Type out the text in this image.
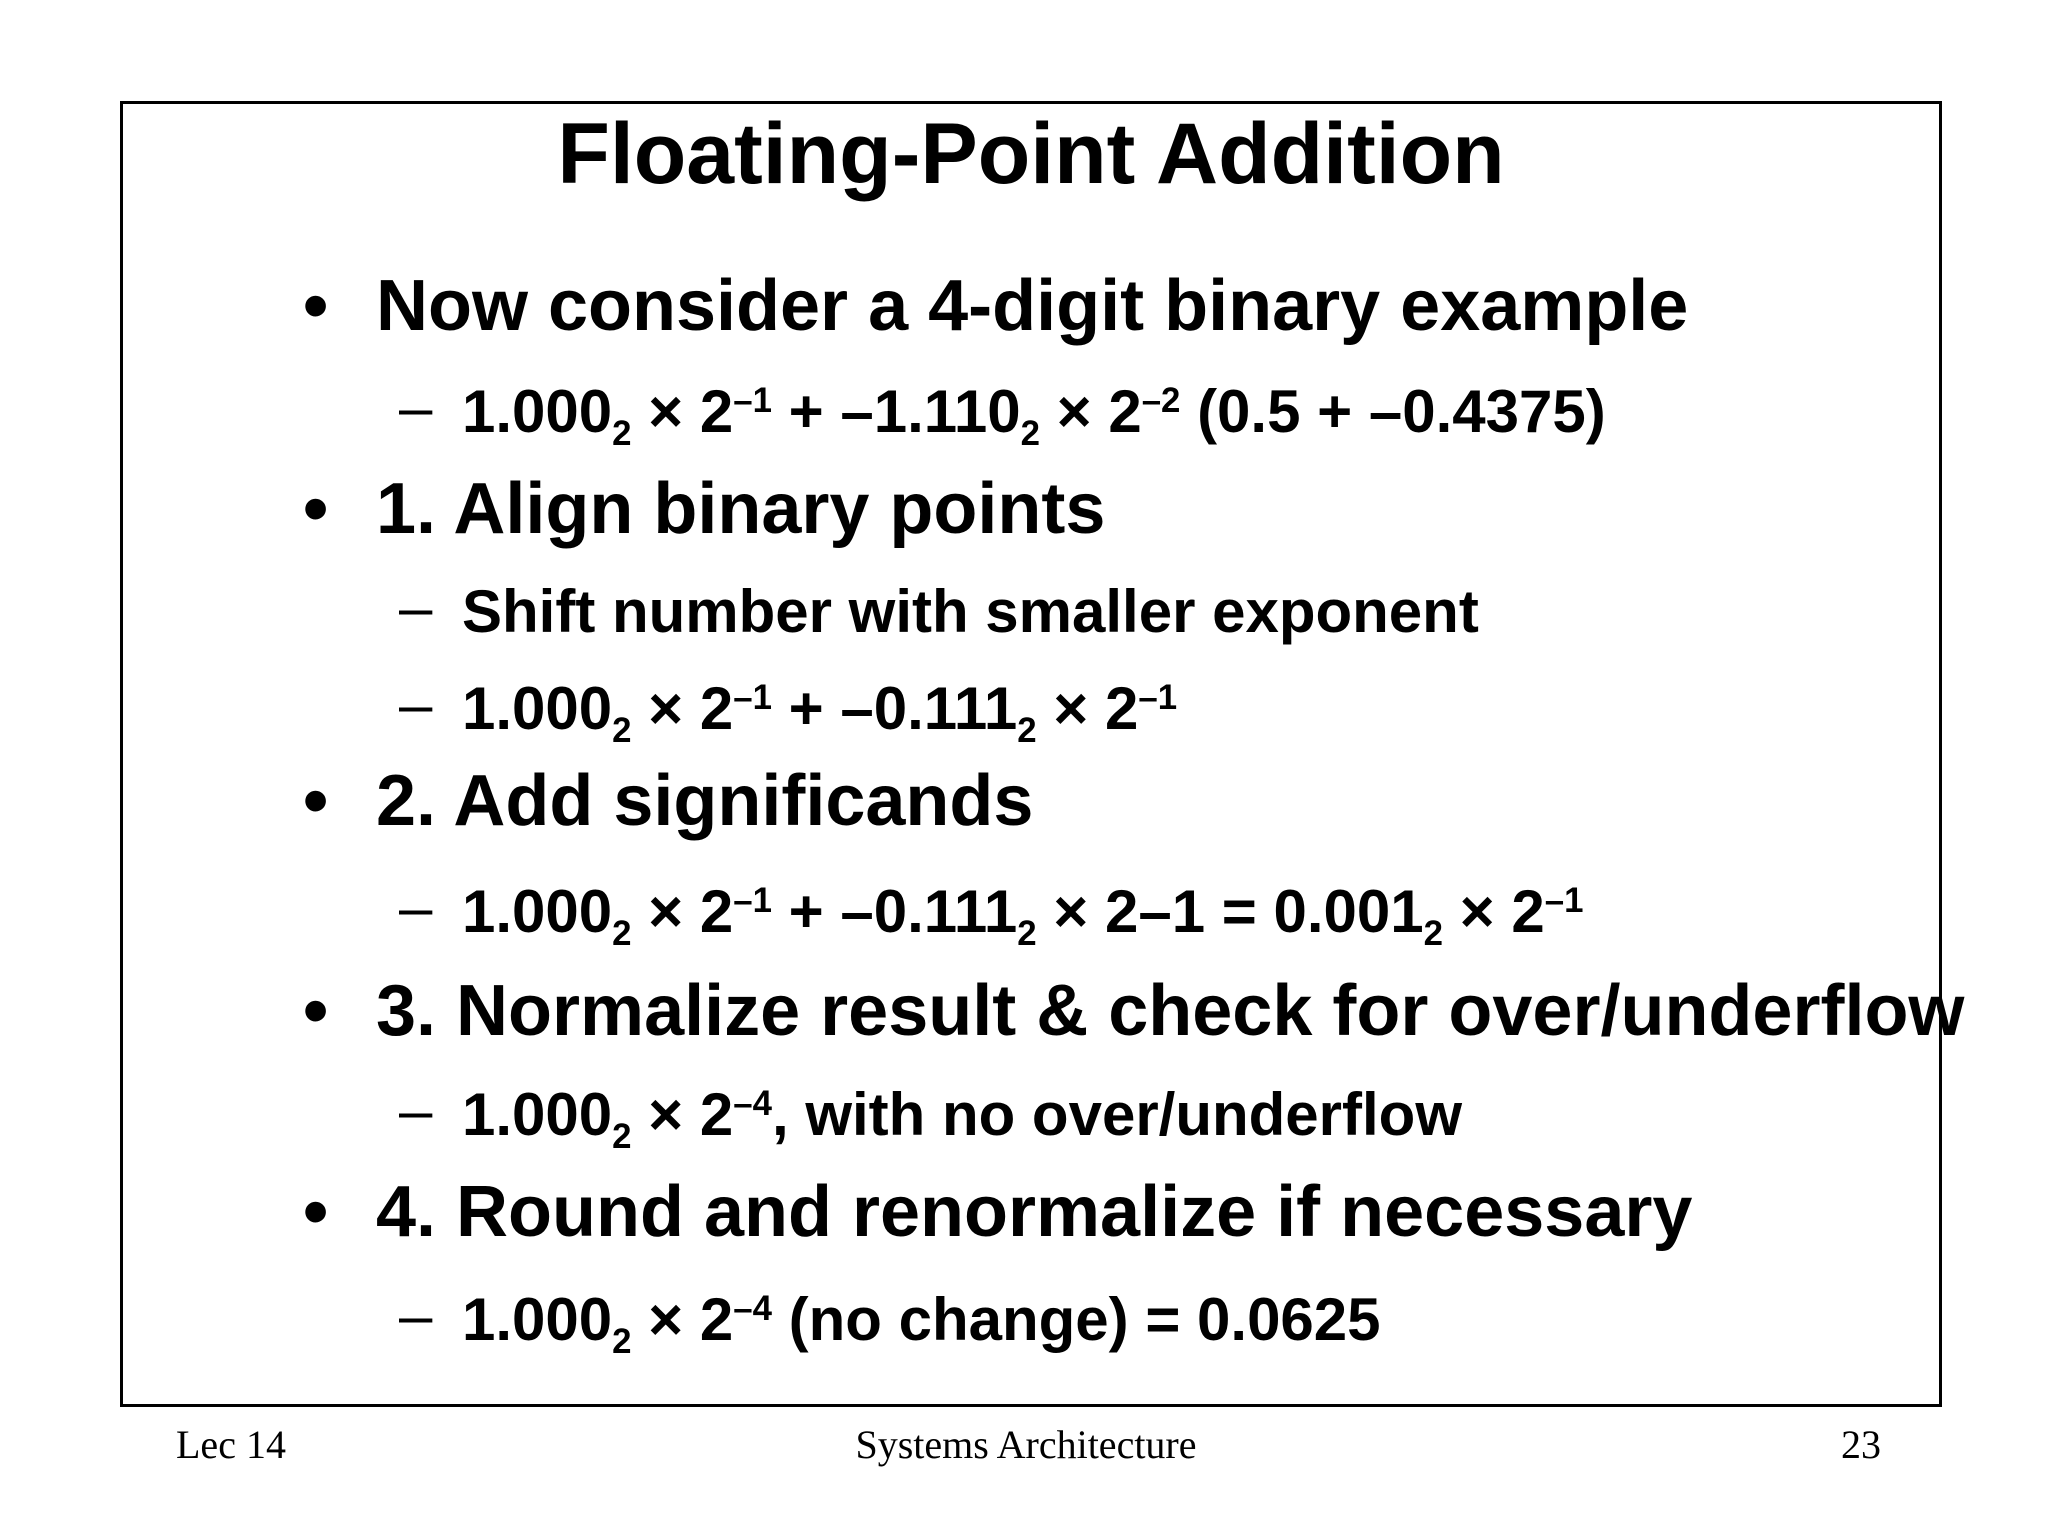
Floating-Point Addition
• Now consider a 4-digit binary example
– $1.000_2 \times 2^{-1} + -1.110_2 \times 2^{-2}$ (0.5 + –0.4375)
• 1. Align binary points
– Shift number with smaller exponent
– $1.000_2 \times 2^{-1} + -0.111_2 \times 2^{-1}$
• 2. Add significands
– $1.000_2 \times 2^{-1} + -0.111_2 \times 2-1 = 0.001_2 \times 2^{-1}$
• 3. Normalize result & check for over/underflow
– $1.000_2 \times 2^{-4}$, with no over/underflow
• 4. Round and renormalize if necessary
– $1.000_2 \times 2^{-4}$ (no change) = 0.0625
Lec 14	Systems Architecture	23
